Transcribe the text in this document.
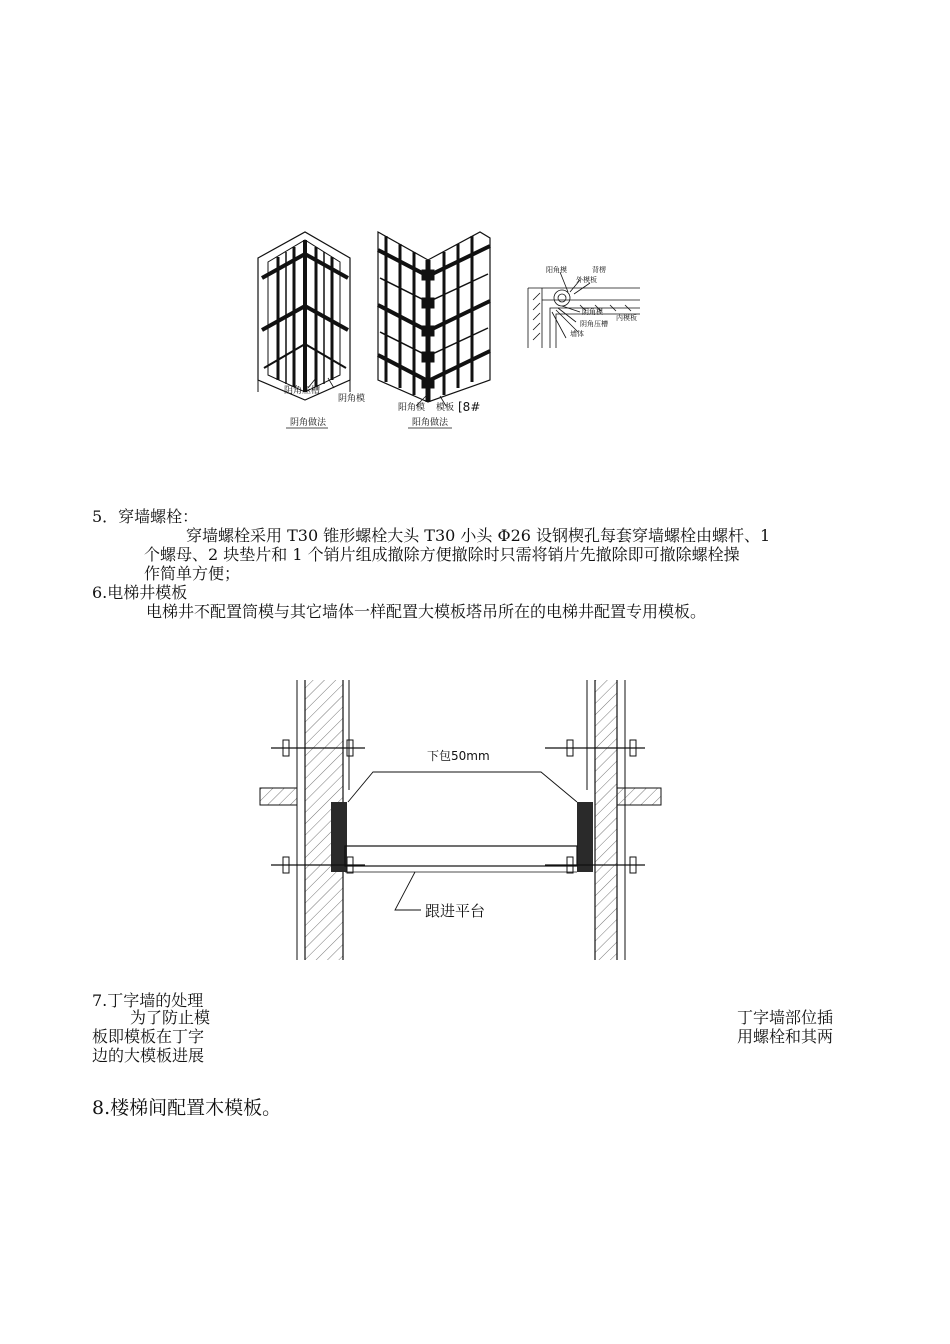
阴角压槽
阴角模
阴角做法
阳角模 模板 [8#
阳角做法
阳角模	背楞
外模板
阴角模
阴角压槽
内模板
墙体
5．穿墙螺栓：
穿墙螺栓采用 T30 锥形螺栓大头 T30 小头 Φ26 设钢楔孔每套穿墙螺栓由螺杆、1
个螺母、2 块垫片和 1 个销片组成撤除方便撤除时只需将销片先撤除即可撤除螺栓操
作简单方便；
6.电梯井模板
电梯井不配置筒模与其它墙体一样配置大模板塔吊所在的电梯井配置专用模板。
下包50mm
跟进平台
7.丁字墙的处理
为了防止模
板即模板在丁字
边的大模板进展
丁字墙部位插
用螺栓和其两
8.楼梯间配置木模板。
